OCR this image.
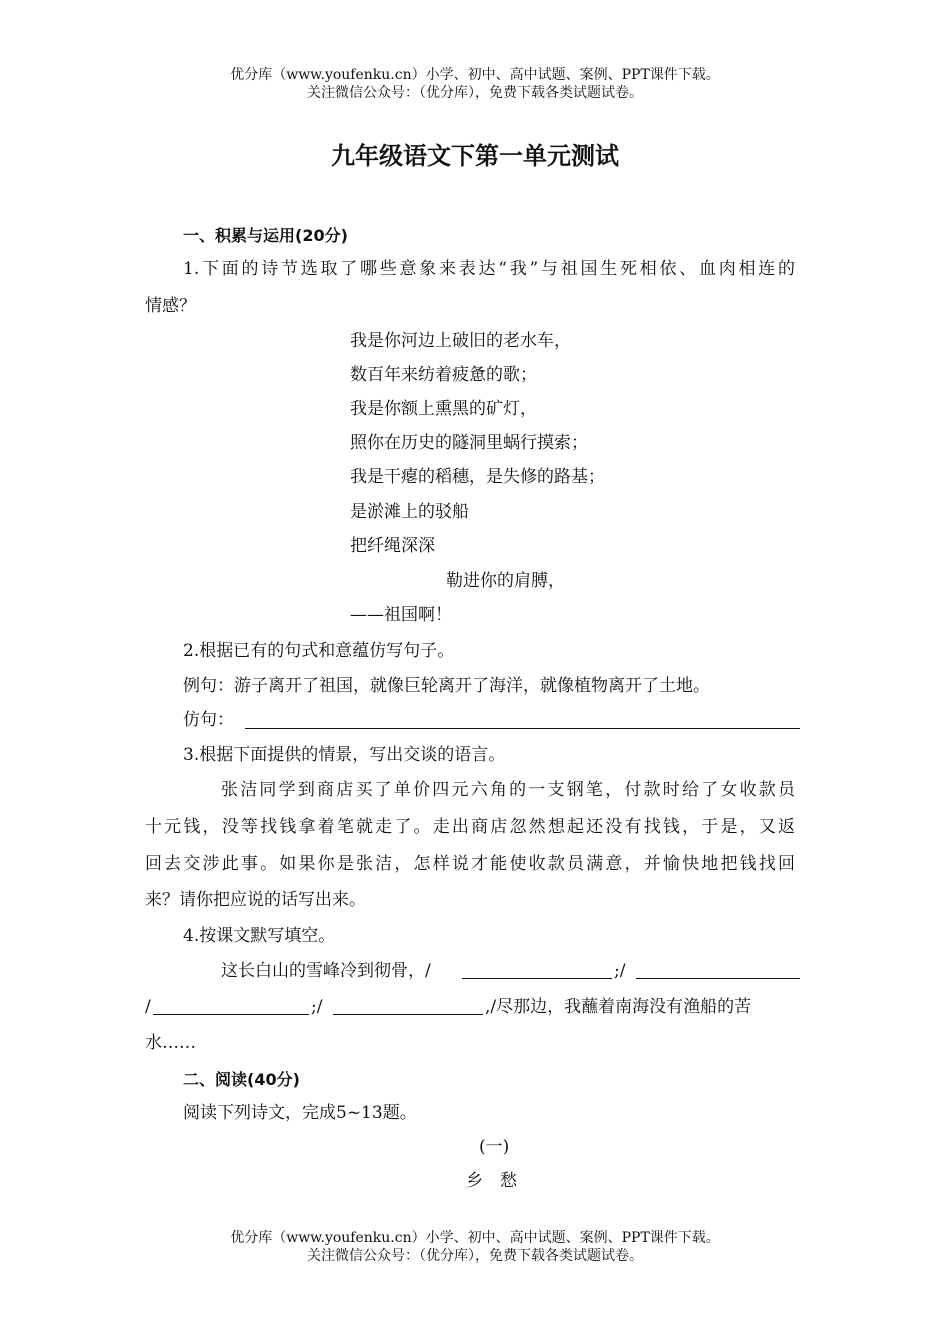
优分库（www.youfenku.cn）小学、初中、高中试题、案例、PPT课件下载。
关注微信公众号：（优分库），免费下载各类试题试卷。
九年级语文下第一单元测试
一、积累与运用(20分)
1.下面的诗节选取了哪些意象来表达“我”与祖国生死相依、血肉相连的
情感？
我是你河边上破旧的老水车，
数百年来纺着疲惫的歌；
我是你额上熏黑的矿灯，
照你在历史的隧洞里蜗行摸索；
我是干瘪的稻穗，是失修的路基；
是淤滩上的驳船
把纤绳深深
勒进你的肩膊，
——祖国啊！
2.根据已有的句式和意蕴仿写句子。
例句：游子离开了祖国，就像巨轮离开了海洋，就像植物离开了土地。
仿句：
3.根据下面提供的情景，写出交谈的语言。
张洁同学到商店买了单价四元六角的一支钢笔，付款时给了女收款员
十元钱，没等找钱拿着笔就走了。走出商店忽然想起还没有找钱，于是，又返
回去交涉此事。如果你是张洁，怎样说才能使收款员满意，并愉快地把钱找回
来？请你把应说的话写出来。
4.按课文默写填空。
这长白山的雪峰冷到彻骨，/	;/
/	;/	,/尽那边，我蘸着南海没有渔船的苦
水……
二、阅读(40分)
阅读下列诗文，完成5~13题。
(一)
乡　愁
优分库（www.youfenku.cn）小学、初中、高中试题、案例、PPT课件下载。
关注微信公众号：（优分库），免费下载各类试题试卷。
